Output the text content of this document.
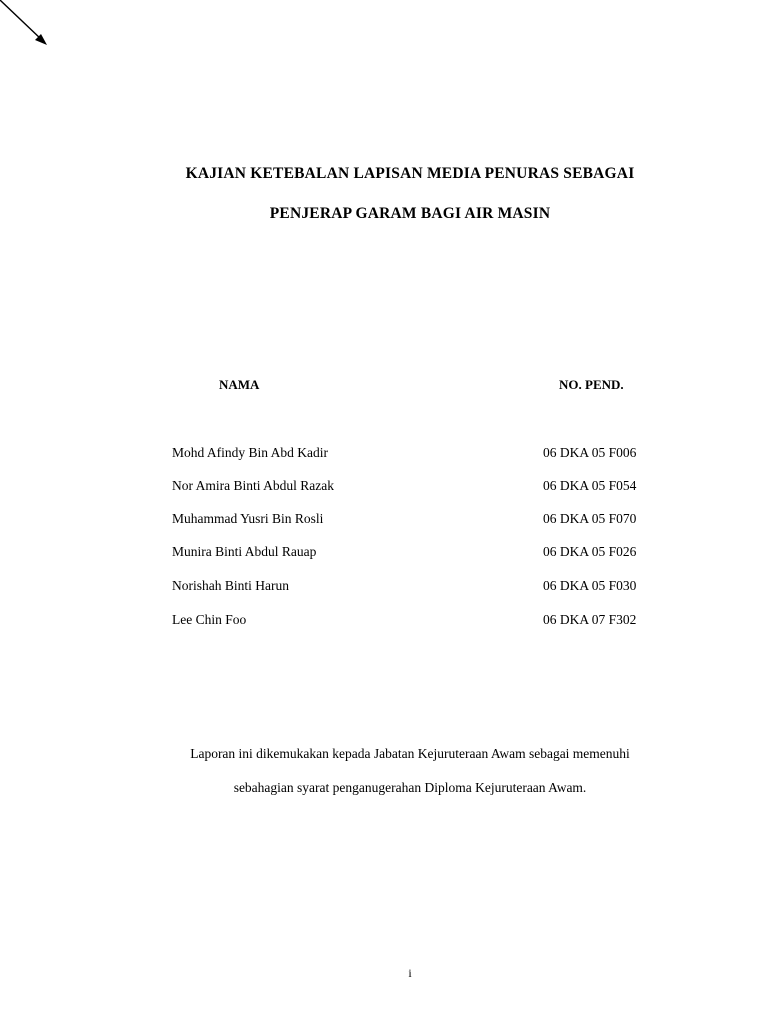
KAJIAN KETEBALAN LAPISAN MEDIA PENURAS SEBAGAI
PENJERAP GARAM BAGI AIR MASIN
NAMA	NO. PEND.
Mohd Afindy Bin Abd Kadir	06 DKA 05 F006
Nor Amira Binti Abdul Razak	06 DKA 05 F054
Muhammad Yusri Bin Rosli	06 DKA 05 F070
Munira Binti Abdul Rauap	06 DKA 05 F026
Norishah Binti Harun	06 DKA 05 F030
Lee Chin Foo	06 DKA 07 F302
Laporan ini dikemukakan kepada Jabatan Kejuruteraan Awam sebagai memenuhi
sebahagian syarat penganugerahan Diploma Kejuruteraan Awam.
i
